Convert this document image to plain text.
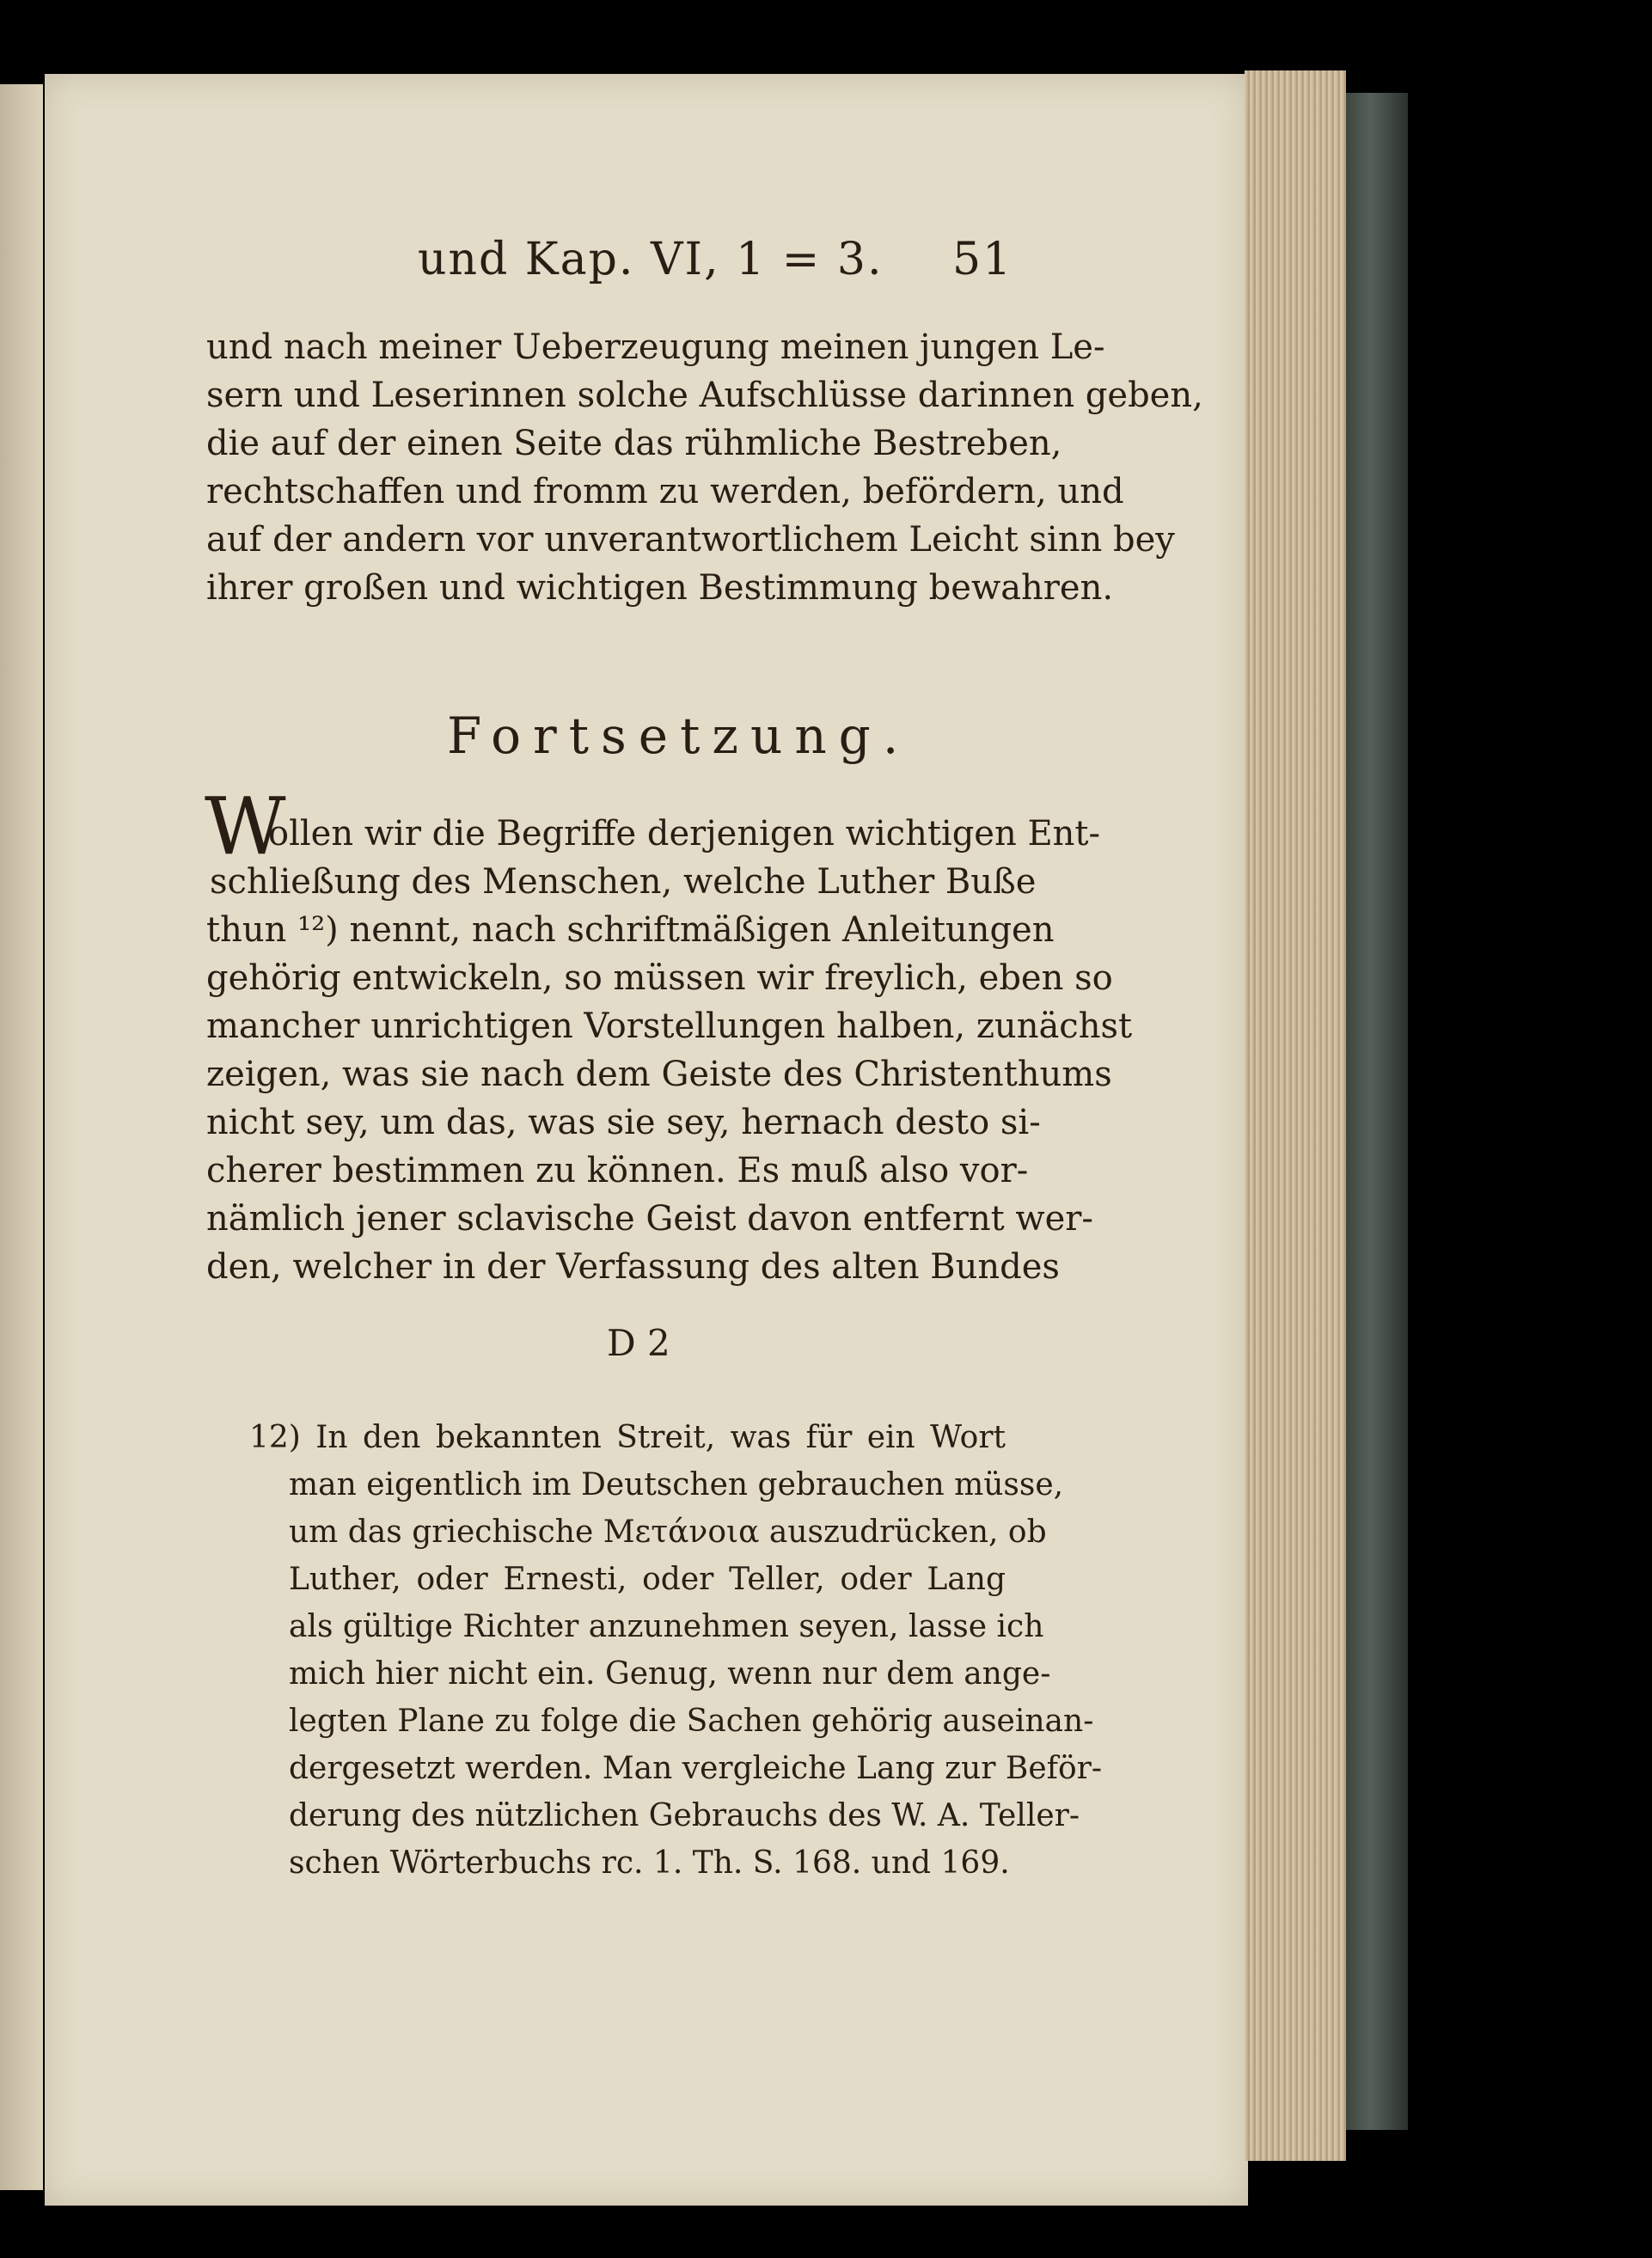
und Kap. VI, 1 = 3. 51
und nach meiner Ueberzeugung meinen jungen Le-
sern und Leserinnen solche Aufschlüsse darinnen geben,
die auf der einen Seite das rühmliche Bestreben,
rechtschaffen und fromm zu werden, befördern, und
auf der andern vor unverantwortlichem Leicht sinn bey
ihrer großen und wichtigen Bestimmung bewahren.
Fortsetzung.
W
ollen wir die Begriffe derjenigen wichtigen Ent-
schließung des Menschen, welche Luther Buße
thun ¹²) nennt, nach schriftmäßigen Anleitungen
gehörig entwickeln, so müssen wir freylich, eben so
mancher unrichtigen Vorstellungen halben, zunächst
zeigen, was sie nach dem Geiste des Christenthums
nicht sey, um das, was sie sey, hernach desto si-
cherer bestimmen zu können. Es muß also vor-
nämlich jener sclavische Geist davon entfernt wer-
den, welcher in der Verfassung des alten Bundes
D 2
12) In den bekannten Streit, was für ein Wort
man eigentlich im Deutschen gebrauchen müsse,
um das griechische Μετάνοια auszudrücken, ob
Luther, oder Ernesti, oder Teller, oder Lang
als gültige Richter anzunehmen seyen, lasse ich
mich hier nicht ein. Genug, wenn nur dem ange-
legten Plane zu folge die Sachen gehörig auseinan-
dergesetzt werden. Man vergleiche Lang zur Beför-
derung des nützlichen Gebrauchs des W. A. Teller-
schen Wörterbuchs rc. 1. Th. S. 168. und 169.
